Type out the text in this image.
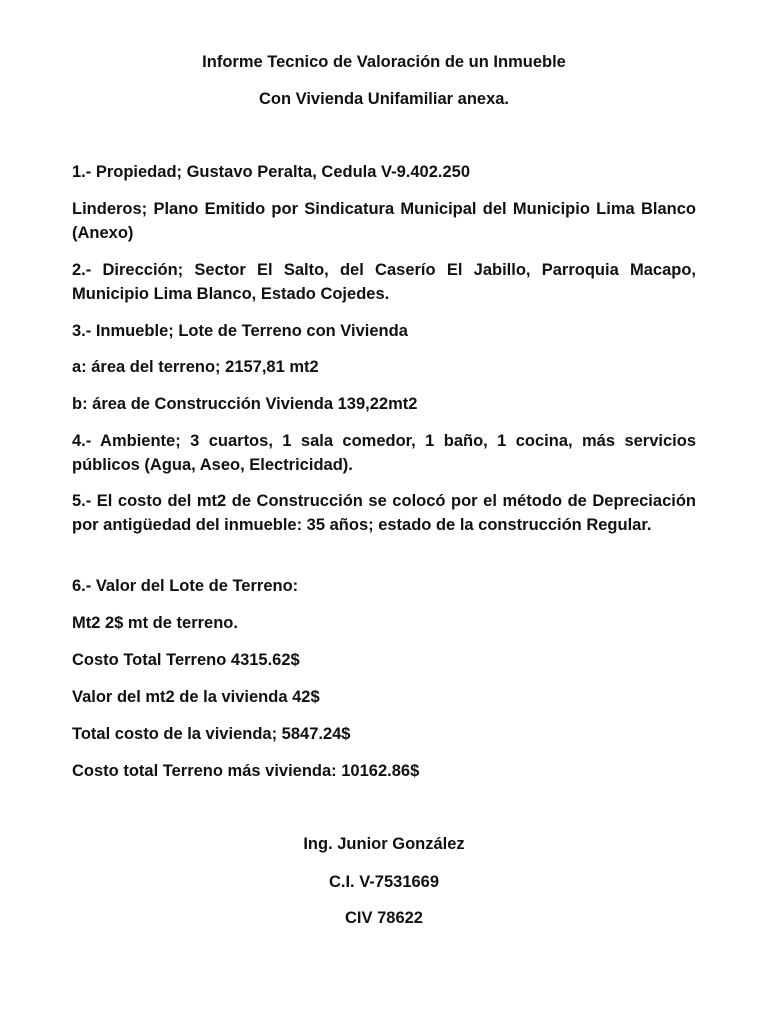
Informe Tecnico de Valoración de un Inmueble
Con Vivienda Unifamiliar anexa.
1.- Propiedad; Gustavo Peralta, Cedula V-9.402.250
Linderos; Plano Emitido por Sindicatura Municipal del Municipio Lima Blanco (Anexo)
2.- Dirección; Sector El Salto, del Caserío El Jabillo, Parroquia Macapo, Municipio Lima Blanco, Estado Cojedes.
3.- Inmueble; Lote de Terreno con Vivienda
a: área del terreno; 2157,81 mt2
b: área de Construcción Vivienda 139,22mt2
4.- Ambiente; 3 cuartos, 1 sala comedor, 1 baño, 1 cocina, más servicios públicos (Agua, Aseo, Electricidad).
5.- El costo del mt2 de Construcción se colocó por el método de Depreciación por antigüedad del inmueble: 35 años; estado de la construcción Regular.
6.- Valor del Lote de Terreno:
Mt2 2$ mt de terreno.
Costo Total Terreno 4315.62$
Valor del mt2 de la vivienda 42$
Total costo de la vivienda; 5847.24$
Costo total Terreno más vivienda: 10162.86$
Ing. Junior González
C.I. V-7531669
CIV 78622
